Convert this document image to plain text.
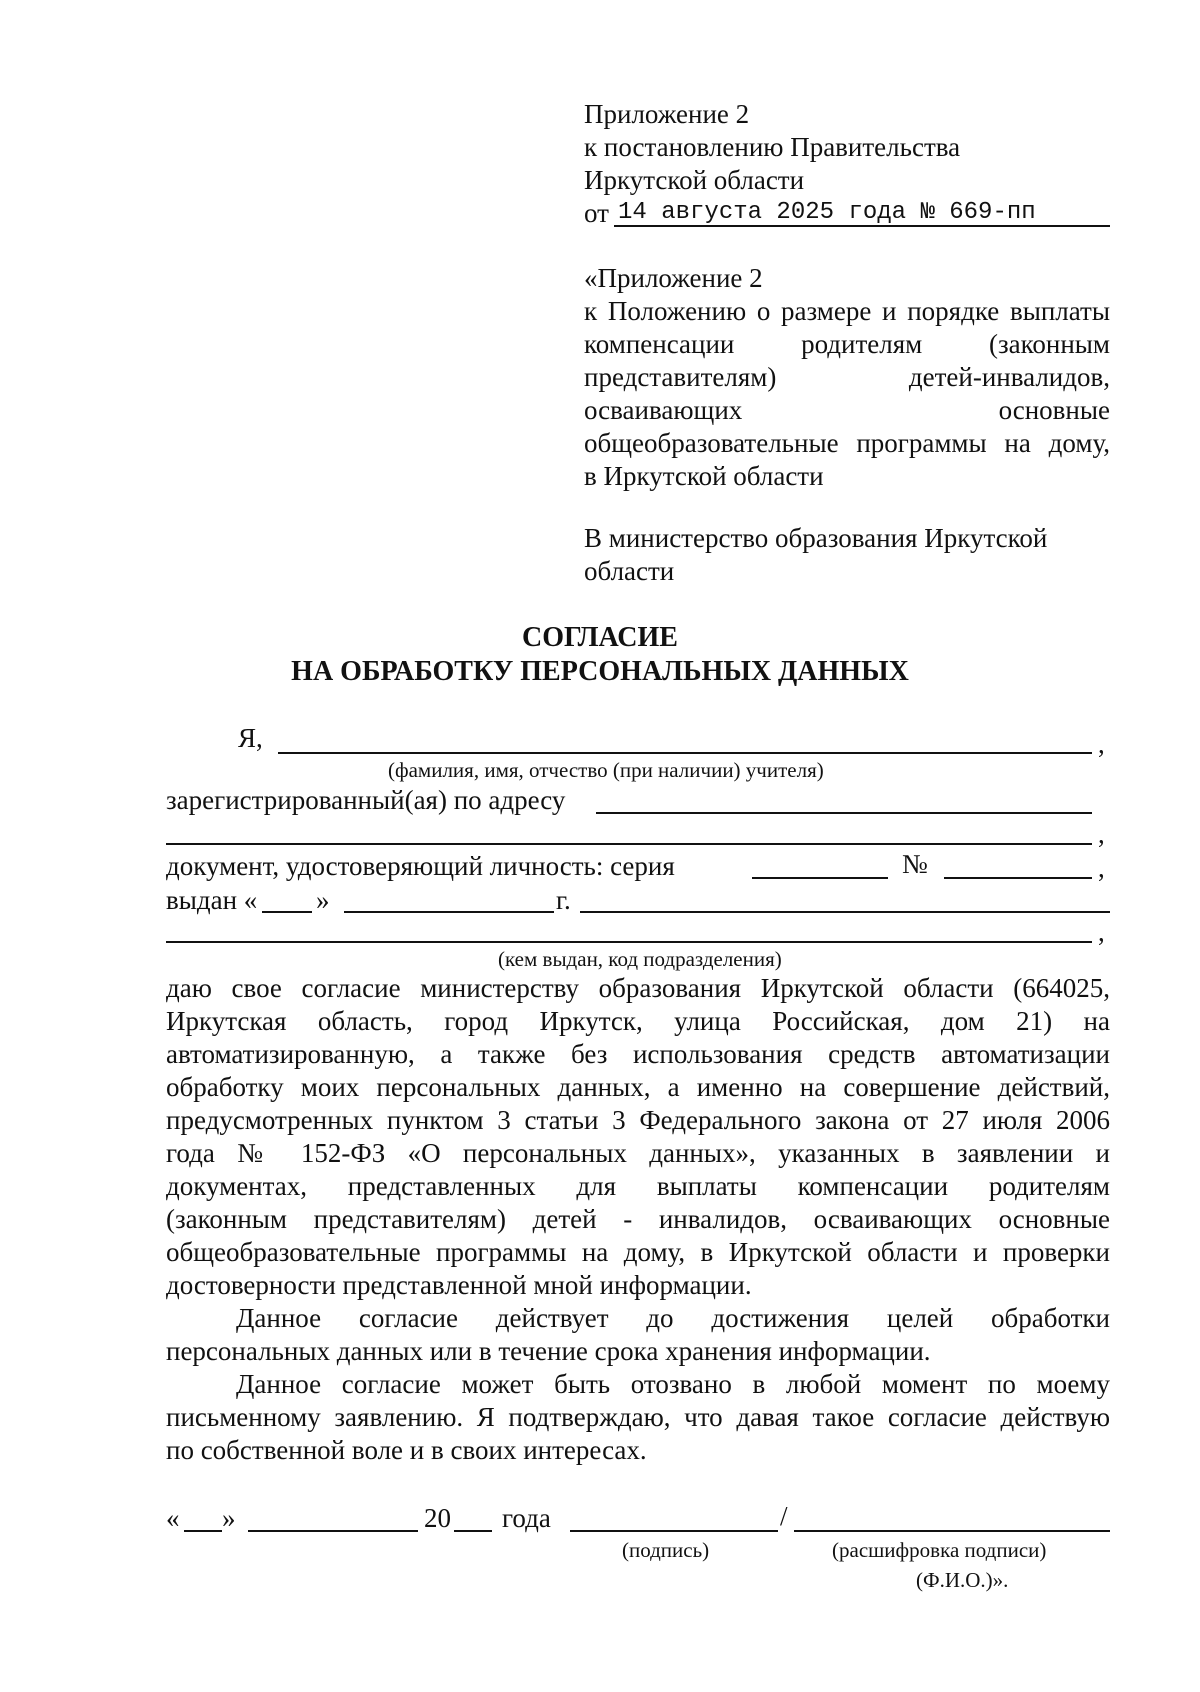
Приложение 2
к постановлению Правительства
Иркутской области
от 14 августа 2025 года № 669-пп
«Приложение 2
к Положению о размере и порядке выплаты
компенсации родителям (законным
представителям) детей-инвалидов,
осваивающих основные
общеобразовательные программы на дому,
в Иркутской области
В министерство образования Иркутской
области
СОГЛАСИЕ
НА ОБРАБОТКУ ПЕРСОНАЛЬНЫХ ДАННЫХ
Я,	,
(фамилия, имя, отчество (при наличии) учителя)
зарегистрированный(ая) по адресу
,
документ, удостоверяющий личность: серия	№	,
выдан « »	г.
,
(кем выдан, код подразделения)
даю свое согласие министерству образования Иркутской области (664025,
Иркутская область, город Иркутск, улица Российская, дом 21) на
автоматизированную, а также без использования средств автоматизации
обработку моих персональных данных, а именно на совершение действий,
предусмотренных пунктом 3 статьи 3 Федерального закона от 27 июля 2006
года № 152-ФЗ «О персональных данных», указанных в заявлении и
документах, представленных для выплаты компенсации родителям
(законным представителям) детей - инвалидов, осваивающих основные
общеобразовательные программы на дому, в Иркутской области и проверки
достоверности представленной мной информации.
Данное согласие действует до достижения целей обработки
персональных данных или в течение срока хранения информации.
Данное согласие может быть отозвано в любой момент по моему
письменному заявлению. Я подтверждаю, что давая такое согласие действую
по собственной воле и в своих интересах.
« »	20 года	/
(подпись)	(расшифровка подписи)
(Ф.И.О.)».
